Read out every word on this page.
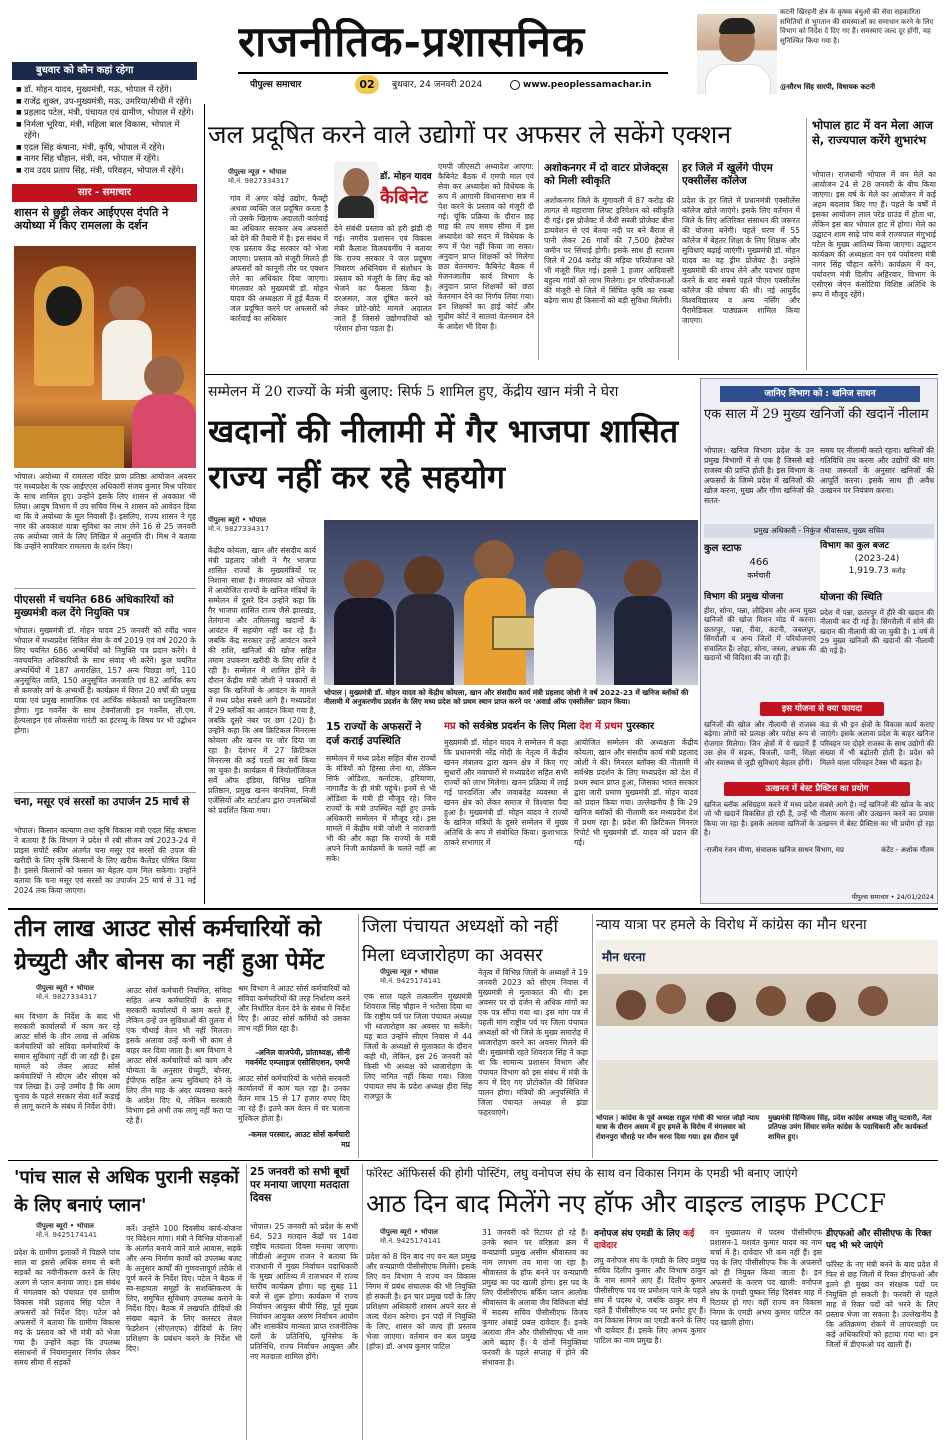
राजनीतिक-प्रशासनिक
पीपुल्स समाचार	02	बुधवार, 24 जनवरी 2024	www.peoplessamachar.in
कटनी खिरहनी क्षेत्र के कृषक बंधुओं की सेवा सहकारिता समितियों से भुगतान की समस्याओं का समाधान करने के लिए विभाग को निर्देश दे दिए गए हैं। समस्याएं जल्द दूर होंगी, यह सुनिश्चित किया गया है।
@सौरभ सिंह सारपी, विधायक कटनी
बुधवार को कौन कहां रहेगा
■ डॉ. मोहन यादव, मुख्यमंत्री, मऊ, भोपाल में रहेंगे।
■ राजेंद्र शुक्ल, उप-मुख्यमंत्री, मऊ, उमरिया/सीधी में रहेंगे।
■ प्रहलाद पटेल, मंत्री, पंचायत एवं ग्रामीण, भोपाल में रहेंगे।
■ निर्मला भूरिया, मंत्री, महिला बाल विकास, भोपाल में रहेंगे।
■ एदल सिंह कंषाना, मंत्री, कृषि, भोपाल में रहेंगे।
■ नागर सिंह चौहान, मंत्री, वन, भोपाल में रहेंगे।
■ राव उदय प्रताप सिंह, मंत्री, परिवहन, भोपाल में रहेंगे।
सार - समाचार
शासन से छुट्टी लेकर आईएएस दंपति ने अयोध्या में किए रामलला के दर्शन
भोपाल। अयोध्या में रामलला मंदिर प्राण प्रतिष्ठा आयोजन अवसर पर मध्यप्रदेश के एक आईएएस अधिकारी संजय कुमार मिश्र परिवार के साथ शामिल हुए। उन्होंने इसके लिए शासन से अवकाश भी लिया। आयुष विभाग में उप सचिव मिश्र ने शासन को आवेदन दिया था कि वे अयोध्या के मूल निवासी हैं। इसलिए, राज्य शासन ने गृह नगर की अवकाश यात्रा सुविधा का लाभ लेने 16 से 25 जनवरी तक अयोध्या जाने के लिए लिखित में अनुमति दी। मिश्र ने बताया कि उन्होंने सपरिवार रामलला के दर्शन किए।
पीएससी में चयनित 686 अधिकारियों को मुख्यमंत्री कल देंगे नियुक्ति पत्र
भोपाल। मुख्यमंत्री डॉ. मोहन यादव 25 जनवरी को रवींद्र भवन भोपाल में मध्यप्रदेश सिविल सेवा के वर्ष 2019 एवं वर्ष 2020 के लिए चयनित 686 अभ्यर्थियों को नियुक्ति पत्र प्रदान करेंगे। वे नवचयनित अधिकारियों के साथ संवाद भी करेंगे। कुल चयनित अभ्यर्थियों में 187 अनारक्षित, 157 अन्य पिछड़ा वर्ग, 110 अनुसूचित जाति, 150 अनुसूचित जनजाति एवं 82 आर्थिक रूप से कमजोर वर्ग के अभ्यर्थी हैं। कार्यक्रम में विगत 20 वर्षों की प्रमुख यात्रा एवं प्रमुख सामाजिक एवं आर्थिक संकेतकों का प्रस्तुतिकरण होगा। गुड गवर्नेंस के साथ टेक्नॉलाजी इन गवर्नेंस, सी.एम. हेल्पलाइन एवं लोकसेवा गारंटी का इंटरव्यू के विषय पर भी उद्बोधन होगा।
चना, मसूर एवं सरसों का उपार्जन 25 मार्च से
भोपाल। किसान कल्याण तथा कृषि विकास मंत्री एदल सिंह कंषाना ने बताया है कि विभाग ने प्रदेश में रबी सीजन वर्ष 2023-24 में प्राइस सपोर्ट स्कीम अंतर्गत चना मसूर एवं सरसों की उपज की खरीदी के लिए कृषि किसानों के लिए खरीफ कैलेंडर घोषित किया है। इससे किसानों को फसल का बेहतर दाम मिल सकेगा। उन्होंने बताया कि चना मसूर एवं सरसों का उपार्जन 25 मार्च से 31 मई 2024 तक किया जाएगा।
जल प्रदूषित करने वाले उद्योगों पर अफसर ले सकेंगे एक्शन
पीपुल्स न्यूज़ • भोपाल
मो.नं. 9827334317
गांव में अगर कोई उद्योग, फैक्ट्री अथवा व्यक्ति जल प्रदूषित करता है तो उसके खिलाफ अदालती कार्रवाई का अधिकार सरकार अब अफसरों को देने की तैयारी में है। इस संबंध में एक प्रस्ताव केंद्र सरकार को भेजा जाएगा। प्रस्ताव को मंजूरी मिलते ही अफसरों को कानूनी तौर पर एक्शन लेने का अधिकार दिया जाएगा। मंगलवार को मुख्यमंत्री डॉ. मोहन यादव की अध्यक्षता में हुई बैठक में जल प्रदूषित करने पर अफसरों को कार्रवाई का अधिकार
डॉ. मोहन यादव
कैबिनेट
देने संबंधी प्रस्ताव को हरी झंडी दी गई। नगरीय प्रशासन एवं विकास मंत्री कैलाश विजयवर्गीय ने बताया कि राज्य सरकार ने जल प्रदूषण निवारण अधिनियम में संशोधन के प्रस्ताव को मंजूरी के लिए केंद्र को भेजने का फैसला किया है। दरअसल, जल दूषित करने को लेकर छोटे-छोटे मामले अदालत जाते हैं जिससे उद्योगपतियों को परेशान होना पड़ता है।
एमपी जीएसटी अध्यादेश आएगा: कैबिनेट बैठक में एमपी माल एवं सेवा कर अध्यादेश को विधेयक के रूप में आगामी विधानसभा सत्र में पेश करने के प्रस्ताव को मंजूरी दी गई। चूंकि प्रक्रिया के दौरान छह माह की तय समय सीमा में इस अध्यादेश को सदन में विधेयक के रूप में पेश नहीं किया जा सका। अनुदान प्राप्त शिक्षकों को मिलेगा छठा वेतनमान: कैबिनेट बैठक में मेजनजातीय कार्य विभाग के अनुदान प्राप्त शिक्षकों को छठा वेतनमान देने का निर्णय लिया गया। इन शिक्षकों का हाई कोर्ट और सुप्रीम कोर्ट ने सातवां वेतनमान देने के आदेश भी दिया है।
अशोकनगर में दो वाटर प्रोजेक्ट्स को मिली स्वीकृति
अशोकनगर जिले के मुंगावली में 87 करोड़ की लागत से महाराणा लिफ्ट इरिगेशन को स्वीकृति दी गई। इस प्रोजेक्ट में जैथी सब्जी प्रोजेक्ट बीना डायवेशन से एवं बेतवा नदी पर बने बैराज से पानी लेकर 26 गांवों की 7,500 हेक्टेयर जमीन पर सिंचाई होगी। इसके साथ ही स्टालम जिले में 204 करोड़ की मड़िया परियोजना को भी मंजूरी मिल गई। इससे 1 हजार आदिवासी बहुल्य गांवों को लाभ मिलेगा। इन परियोजनाओं की मंजूरी से जिले में सिंचित कृषि का रकबा बढ़ेगा साथ ही किसानों को बड़ी सुविधा मिलेगी।
हर जिले में खुलेंगे पीएम एक्सीलेंस कॉलेज
प्रदेश के हर जिले में प्रधानमंत्री एक्सीलेंस कॉलेज खोले जाएंगे। इसके लिए वर्तमान में जिले के लिए अतिरिक्त संसाधन की जरूरत की योजना बनेगी। पहले चरण में 55 कॉलेज में बेहतर शिक्षा के लिए शिक्षक और सुविधाएं बढ़ाई जाएंगी। मुख्यमंत्री डॉ. मोहन यादव का यह ड्रीम प्रोजेक्ट है। उन्होंने मुख्यमंत्री की शपथ लेने और पदभार ग्रहण करने के बाद सबसे पहले पीएम एक्सीलेंस कॉलेज की घोषणा की थी। नई आयुर्वेद विश्वविद्यालय व अन्य नर्सिंग और पैरामेडिकल पाठ्यक्रम शामिल किया जाएगा।
भोपाल हाट में वन मेला आज से, राज्यपाल करेंगे शुभारंभ
भोपाल। राजधानी भोपाल में वन मेले का आयोजन 24 से 28 जनवरी के बीच किया जाएगा। इस वर्ष के मेले का आयोजन में कई अहम बदलाव किए गए हैं। पहले के वर्षों में इसका आयोजन लाल परेड ग्राउंड में होता था, लेकिन इस बार भोपाल हाट में होगा। मेले का उद्घाटन शाम साढ़े पांच बजे राज्यपाल मंगुभाई पटेल के मुख्य आतिथ्य किया जाएगा। उद्घाटन कार्यक्रम की अध्यक्षता वन एवं पर्यावरण मंत्री नागर सिंह चौहान करेंगे। कार्यक्रम में वन, पर्यावरण मंत्री दिलीप अहिरवार, विभाग के एसीएस जेएन कंसोटिया विशिष्ट अतिथि के रूप में मौजूद रहेंगे।
सम्मेलन में 20 राज्यों के मंत्री बुलाए: सिर्फ 5 शामिल हुए, केंद्रीय खान मंत्री ने घेरा
खदानों की नीलामी में गैर भाजपा शासित राज्य नहीं कर रहे सहयोग
पीपुल्स ब्यूरो • भोपाल
मो.नं. 9827334317
केंद्रीय कोयला, खान और संसदीय कार्य मंत्री प्रहलाद जोशी ने गैर भाजपा शासित राज्यों के मुख्यमंत्रियों पर निशाना साधा है। मंगलवार को भोपाल में आयोजित राज्यों के खनिज मंत्रियों के सम्मेलन में दूसरे दिन उन्होंने कहा कि गैर भाजपा शासित राज्य जैसे झारखंड, तेलंगाना और तमिलनाडु खदानों के आवंटन में सहयोग नहीं कर रहे हैं। जबकि केंद्र सरकार उन्हें आवंटन करने की राशि, खनिजों की खोज सहित तमाम उपकरण खरीदी के लिए राशि दे रही है। सम्मेलन में शामिल होने के दौरान केंद्रीय मंत्री जोशी ने पत्रकारों से कहा कि खनिजों के आवंटन के मामले में मध्य प्रदेश सबसे आगे है। मध्यप्रदेश में 29 ब्लॉकों का आवंटन किया गया है, जबकि दूसरे नंबर पर छग (20) है। उन्होंने कहा कि अब क्रिटिकल मिनरल्स कोयला और खनन पर जोर दिया जा रहा है। देशभर में 27 क्रिटिकल मिनरल्स की कई परतों का सर्वे किया जा चुका है। कार्यक्रम में जियोलॉजिकल सर्वे ऑफ इंडिया, विभिन्न खनिज प्रतिष्ठान, प्रमुख खनन कंपनियां, निजी एजेंसियों और स्टार्टअप द्वारा उपलब्धियों को प्रदर्शित किया गया।
भोपाल | मुख्यमंत्री डॉ. मोहन यादव को केंद्रीय कोयला, खान और संसदीय कार्य मंत्री प्रहलाद जोशी ने वर्ष 2022-23 में खनिज ब्लॉकों की नीलामी में अनुकरणीय प्रदर्शन के लिए मध्य प्रदेश को प्रथम स्थान प्राप्त करने पर 'अवार्ड ऑफ एक्सीलेंस' प्रदान किया।
15 राज्यों के अफसरों ने दर्ज कराई उपस्थिति
सम्मेलन में मध्य प्रदेश सहित बीस राज्यों के मंत्रियों को हिस्सा लेना था, लेकिन सिर्फ ओडिशा, कर्नाटक, हरियाणा, नागालैंड के ही मंत्री पहुंचे। इनमें से भी ओडिशा के मंत्री ही मौजूद रहे। जिन राज्यों के मंत्री उपस्थित नहीं हुए उनके अधिकारी सम्मेलन में मौजूद रहे। इस मामले में केंद्रीय मंत्री जोशी ने नाराजगी भी की और कहा कि राज्यों के मंत्री अपने निजी कार्यक्रमों के चलते नहीं आ सके।
मप्र को सर्वश्रेष्ठ प्रदर्शन के लिए मिला देश में प्रथम पुरस्कार
मुख्यमंत्री डॉ. मोहन यादव ने सम्मेलन में कहा कि प्रधानमंत्री नरेंद्र मोदी के नेतृत्व में केंद्रीय खनन मंत्रालय द्वारा खनन क्षेत्र में किए गए सुधारों और नवाचारों से मध्यप्रदेश सहित सभी राज्यों को लाभ मिलेगा। खनन प्रक्रिया में लाई गई पारदर्शिता और जवाबदेह व्यवस्था से खनन क्षेत्र को लेकर समाज में विश्वास पैदा हुआ है। मुख्यमंत्री डॉ. मोहन यादव ने राज्यों के खनिज मंत्रियों के दूसरे सम्मेलन में मुख्य अतिथि के रूप में संबोधित किया। कुशाभाऊ ठाकरे सभागार में
आयोजित सम्मेलन की अध्यक्षता केंद्रीय कोयला, खान और संसदीय कार्य मंत्री प्रहलाद जोशी ने की। मिनरल ब्लॉक्स की नीलामी में सर्वश्रेष्ठ प्रदर्शन के लिए मध्यप्रदेश को देश में प्रथम स्थान प्राप्त हुआ, जिसका भारत सरकार द्वारा जारी प्रमाण मुख्यमंत्री डॉ. मोहन यादव को प्रदान किया गया। उल्लेखनीय है कि 29 खनिज ब्लॉकों की नीलामी कर मध्यप्रदेश देश में प्रथम रहा है। प्रदेश की क्रिटिकल मिनरल रिपोर्ट भी मुख्यमंत्री डॉ. यादव को प्रदान की गई।
जानिए विभाग को : खनिज साधन
एक साल में 29 मुख्य खनिजों की खदानें नीलाम
भोपाल। खनिज विभाग प्रदेश के उन प्रमुख विभागों में से एक है जिससे बड़े राजस्व की प्राप्ति होती है। इस विभाग के अफसरों के जिम्मे प्रदेश में खनिजों की खोज करना, मुख्य और गौण खनिजों की सतत-
समय पर नीलामी करते रहना। खनिजों की गतिविधि तय करना और उद्योगों की मांग तथा जरूरतों के अनुसार खनिजों की आपूर्ति करना। इसके साथ ही अवैध उत्खनन पर नियंत्रण करना।
प्रमुख अधिकारी - निकुंज श्रीवास्तव, मुख्य सचिव
कुल स्टाफ
466
कर्मचारी
विभाग का कुल बजट
(2023-24)
1,919.73 करोड़
विभाग की प्रमुख योजना
हीरा, सोना, पन्ना, लौहिवम और अन्य मुख्य खनिजों की खोज मिशन मोड में करना। छतरपुर, पन्ना, रीवा, कटनी, जबलपुर, सिंगरौली व अन्य जिलों में परियोजनाएं संचालित हैं। लोहा, सोना, जस्ता, अभ्रक की खदानों भी विदिशा की जा रही हैं।
योजना की स्थिति
प्रदेश में पन्ना, छतरपुर में हीरे की खदान की नीलामी कर दी गई है। सिंगरौली में सोने की खदान की नीलामी की जा चुकी है। 1 वर्ष में 29 मुख्य खनिजों की खदानों की नीलामी की गई है।
इस योजना से क्या फायदा
खनिजों की खोज और नीलामी से राजस्व बढ़ेगा। लोगों को प्रत्यक्ष और परोक्ष रूप से रोजगार मिलेगा। जिन क्षेत्रों में ये खदानें हैं उस क्षेत्र में सड़क, बिजली, पानी, शिक्षा और स्वास्थ्य से जुड़ी सुविधाएं बेहतर होंगी।
कंड से भी इन क्षेत्रों के विकास कार्य कराए जाएंगे। इसके अलावा प्रदेश के बाहर खनिज परिवहन पर दोहरे राजस्व के साथ उद्योगों की संख्या में भी बढ़ोतरी होती है। प्रदेश को मिलने वाला परिवहन टैक्स भी बढ़ता है।
उत्खनन में बेस्ट प्रैक्टिस का प्रयोग
खनिज ब्लॉक अधिग्रहण करने में मध्य प्रदेश सबसे आगे है। नई खनिजों की खोज के बाद जो भी खदानें विकसित हो रही हैं, उन्हें भी नीलाम करना और उत्खनन करने का प्रयास किया जा रहा है। इसके अलावा खनिजों के उत्खनन में बेस्ट प्रैक्टिस का भी प्रयोग हो रहा है।
-राजीव रंजन मीणा, संचालक खनिज साधन विभाग, मप्र	कंटेंट - अशोक गौतम
पीपुल्स समाचार • 24/01/2024
तीन लाख आउट सोर्स कर्मचारियों को ग्रेच्युटी और बोनस का नहीं हुआ पेमेंट
पीपुल्स ब्यूरो • भोपाल
मो.नं. 9827334317
श्रम विभाग के निर्देश के बाद भी सरकारी कार्यालयों में काम कर रहे आउट सोर्स के तीन लाख से अधिक कर्मचारियों को संविदा कर्मचारियों के समान सुविधाएं नहीं दी जा रही हैं। इस मामले को लेकर आउट सोर्स कर्मचारियों ने सीएम और सीएस को पत्र लिखा है। उन्हें उम्मीद है कि आम चुनाव के पहले सरकार सेवा शर्तें कड़ाई से लागू कराने के संबंध में निर्देश देगी।
आउट सोर्स कर्मचारी नियमित, संविदा सहित अन्य कर्मचारियों के समान सरकारी कार्यालयों में काम करते हैं, लेकिन उन्हें उन सुविधाओं की तुलना में एक चौथाई वेतन भी नहीं मिलता। इसके अलावा उन्हें कभी भी काम से बाहर कर दिया जाता है। श्रम विभाग ने आउट सोर्स कर्मचारियों को काम और योग्यता के अनुसार ग्रेच्युटी, बोनस, ईपीएफ सहित अन्य सुविधाएं देने के लिए तीन माह के अंदर व्यवस्था करने के आदेश दिए थे, लेकिन सरकारी विभाग इसे अभी तक लागू नहीं करा पा रहे हैं।
श्रम विभाग ने आउट सोर्स कर्मचारियों को संविदा कर्मचारियों की तरह निर्धारण करने और निर्धारित वेतन देने के संबंध में निर्देश दिए हैं। आउट सोर्स कर्मियों को उसका लाभ नहीं मिल रहा है।
-अनिल वाजपेयी, प्रांताध्यक्ष, सीनी गवर्नमेंट एम्प्लाइज एसोसिएशन, एमपी
आउट सोर्स कर्मचारियों के भरोसे सरकारी कार्यालयों में काम चल रहा है। उनका वेतन मात्र 15 से 17 हजार रुपए दिए जा रहे हैं। इतने कम वेतन में घर चलाना मुश्किल होता है।
-कमल परस्वार, आउट सोर्स कर्मचारी मप्र
जिला पंचायत अध्यक्षों को नहीं मिला ध्वजारोहण का अवसर
पीपुल्स न्यूज़ • भोपाल
मो.नं. 9425174141
एक साल पहले तत्कालीन मुख्यमंत्री शिवराज सिंह चौहान ने भरोसा दिया था कि राष्ट्रीय पर्व पर जिला पंचायत अध्यक्ष भी ध्वजारोहण का अवसर पा सकेंगे। यह बात उन्होंने सीएम निवास में 44 जिलों के अध्यक्षों से मुलाकात के दौरान कही थी, लेकिन, इस 26 जनवरी को किसी भी अध्यक्ष को ध्वजारोहण के लिए नामित नहीं किया गया। जिला पंचायत संघ के प्रदेश अध्यक्ष हीरा सिंह राजपूत के
नेतृत्व में विभिन्न जिलों के अध्यक्षों ने 19 जनवरी 2023 को सीएम निवास में मुख्यमंत्री से मुलाकात की थी। इस अवसर पर दो दर्जन से अधिक मांगों का एक पत्र सौंपा गया था। इस मांग पत्र में पहली मांग राष्ट्रीय पर्व पर जिला पंचायत अध्यक्षों को भी जिले के मुख्य समारोह में ध्वजारोहण करने का अवसर मिलने की थी। मुख्यमंत्री रहते शिवराज सिंह ने कहा था कि सामान्य प्रशासन विभाग और पंचायत विभाग को इस संबंध में मंत्री के रूप में दिए गए प्रोटोकॉल की विधिवत पालन होगा। मंत्रियों की अनुपस्थिति में जिला पंचायत अध्यक्ष से झंडा फहरवाएंगे।
न्याय यात्रा पर हमले के विरोध में कांग्रेस का मौन धरना
मौन धरना
भोपाल | कांग्रेस के पूर्व अध्यक्ष राहुल गांधी की भारत जोड़ो न्याय यात्रा के दौरान असम में हुए हमले के विरोध में मंगलवार को रोशनपुरा चौराहे पर मौन धरना दिया गया। इस दौरान पूर्व
मुख्यमंत्री दिग्विजय सिंह, प्रदेश कांग्रेस अध्यक्ष जीतू पटवारी, नेता प्रतिपक्ष उमंग सिंघार समेत कांग्रेस के पदाधिकारी और कार्यकर्ता शामिल हुए।
'पांच साल से अधिक पुरानी सड़कों के लिए बनाएं प्लान'
पीपुल्स ब्यूरो • भोपाल
मो.नं. 9425174141
प्रदेश के ग्रामीण इलाकों में पिछले पांच साल या इससे अधिक समय से बनी सड़कों का नवीनीकरण करने के लिए अलग से प्लान बनाया जाए। इस संबंध में मंगलवार को पंचायत एवं ग्रामीण विकास मंत्री प्रहलाद सिंह पटेल ने अफसरों को निर्देश दिए। पटेल को अफसरों ने बताया कि ग्रामीण विकास मद के प्रस्ताव को भी मंत्री को भेजा गया है। उन्होंने कहा कि उपलब्ध संसाधनों में नियमानुसार निर्णय लेकर समय सीमा में सड़कों
करें। उन्होंने 100 दिवसीय कार्य-योजना पर विदेशन मांगा। मंत्री ने विभिन्न योजनाओं के अंतर्गत बनाये जाने वाले आवास, सड़कें और अन्य निर्माण कार्यों को उपलब्ध बजट के अनुसार कार्यों की गुणवत्तापूर्ण तरीके से पूर्ण करने के निर्देश दिए। पटेल ने बैठक में स्व-सहायता समूहों के सशक्तिकरण के लिए, समुचित सुविधाएं उपलब्ध कराने के निर्देश दिए। बैठक में लखपति दीदियों की संख्या बढ़ाने के लिए क्लस्टर लेवल फेडरेशन (सीएलएफ) दीदियों के लिए प्रशिक्षण के प्रबंधन करने के निर्देश भी दिए।
25 जनवरी को सभी बूथों पर मनाया जाएगा मतदाता दिवस
भोपाल। 25 जनवरी को प्रदेश के सभी 64, 523 मतदान केंद्रों पर 14वां राष्ट्रीय मतदाता दिवस मनाया जाएगा। जीडीओ अनुपम राजन ने बताया कि राजधानी में मुख्य निर्वाचन पदाधिकारी के मुख्य आतिथ्य में राजभवन में राज्य स्तरीय कार्यक्रम होगा। यह सुबह 11 बजे से शुरू होगा। कार्यक्रम में राज्य निर्वाचन आयुक्त बीपी सिंह, पूर्व मुख्य निर्वाचन आयुक्त अरुण निर्वाचन आयोग और शासकीय मान्यता प्राप्त राजनीतिक दलों के प्रतिनिधि, यूनिसेफ के प्रतिनिधि, राज्य निर्वाचन आयुक्त और नए मतदाता शामिल होंगे।
फॉरेस्ट ऑफिसर्स की होगी पोस्टिंग, लघु वनोपज संघ के साथ वन विकास निगम के एमडी भी बनाए जाएंगे
आठ दिन बाद मिलेंगे नए हॉफ और वाइल्ड लाइफ PCCF
पीपुल्स ब्यूरो • भोपाल
मो.नं. 9425174141
प्रदेश को 8 दिन बाद नए वन बल प्रमुख और वन्यप्राणी पीसीसीएफ मिलेंगे। इसके लिए वन विभाग ने राज्य वन विकास निगम में प्रबंध संचालक की भी नियुक्ति हो सकती है। इन चार प्रमुख पदों के लिए प्रशिक्षण अधिकारी शासन अपने स्तर से जल्द पेंशन करेगा। इन पदों में नियुक्ति के लिए, शासन को जल्द ही प्रस्ताव भेजा जाएगा। वर्तमान वन बल प्रमुख (हॉफ) डॉ. अभय कुमार पाटिल
31 जनवरी को रिटायर हो रहे हैं। उनके स्थान पर वरिष्ठता क्रम में वन्यप्राणी प्रमुख असीम श्रीवास्तव का नाम लगभग तय माना जा रहा है। श्रीवास्तव के हॉफ बनने पर वन्यप्राणी प्रमुख का पद खाली होगा। इस पद के लिए पीसीसीएफ बर्किंग प्लान आलोक श्रीवास्तव के अलावा जैव विविधता बोर्ड में सदस्य सचिव पीसीसीएफ विजय कुमार अंबाड़े प्रबल दावेदार हैं। इनके अलावा तीन और पीसीसीएफ भी नाम आगे बढ़ाए हैं। ये दोनों नियुक्तियां फरवरी के पहले सप्ताह में होने की संभावना है।
वनोपज संघ एमडी के लिए कई दावेदार
लघु वनोपज संघ के एमडी के लिए प्रमुख सचिव दिलीप कुमार और विभाष ठाकुर के नाम सामने आए हैं। दिलीप कुमार पीसीसीएफ पद पर प्रमोशन पाने के पहले संघ में पदस्थ थे, जबकि ठाकुर संघ में रहते हैं पीसीसीएफ पद पर प्रमोट हुए हैं। वन विकास निगम का एमडी बनने के लिए भी दावेदार हैं। इसके लिए अभय कुमार पाटिल का नाम प्रमुख है।
वन मुख्यालय में पदस्थ पीसीसीएफ प्रशासन-1 यशवंत कुमार यादव का नाम चर्चा में है। दावेदार भी कम नहीं हैं। इस पद के लिए पीसीसीएफ रैंक के अफसरों को ही नियुक्त किया जाता है। इन अफसरों के कारण पद खाली: वनोपज संघ के एमडी पुष्कर सिंह दिसंबर माह में रिटायर हो गए। वहीं राज्य वन विकास निगम के एमडी अभय कुमार पाटिल का पद खाली होगा।
डीएफओ और सीसीएफ के रिक्त पद भी भरे जाएंगे
फॉरेस्ट के नए मंत्री बनने के बाद प्रदेश में फिर से छह जिलों में रिक्त डीएफओ और इतने ही मुख्य वन संरक्षक पदों पर नियुक्ति हो सकती है। फरवरी से पहले माह में रिक्त पदों को भरने के लिए प्रस्ताव भेजा जा सकता है। उल्लेखनीय है कि अतिक्रमण रोकने में लापरवाही पर कई अधिकारियों को हटाया गया था। इन जिलों में डीएफओ पद खाली हैं।
